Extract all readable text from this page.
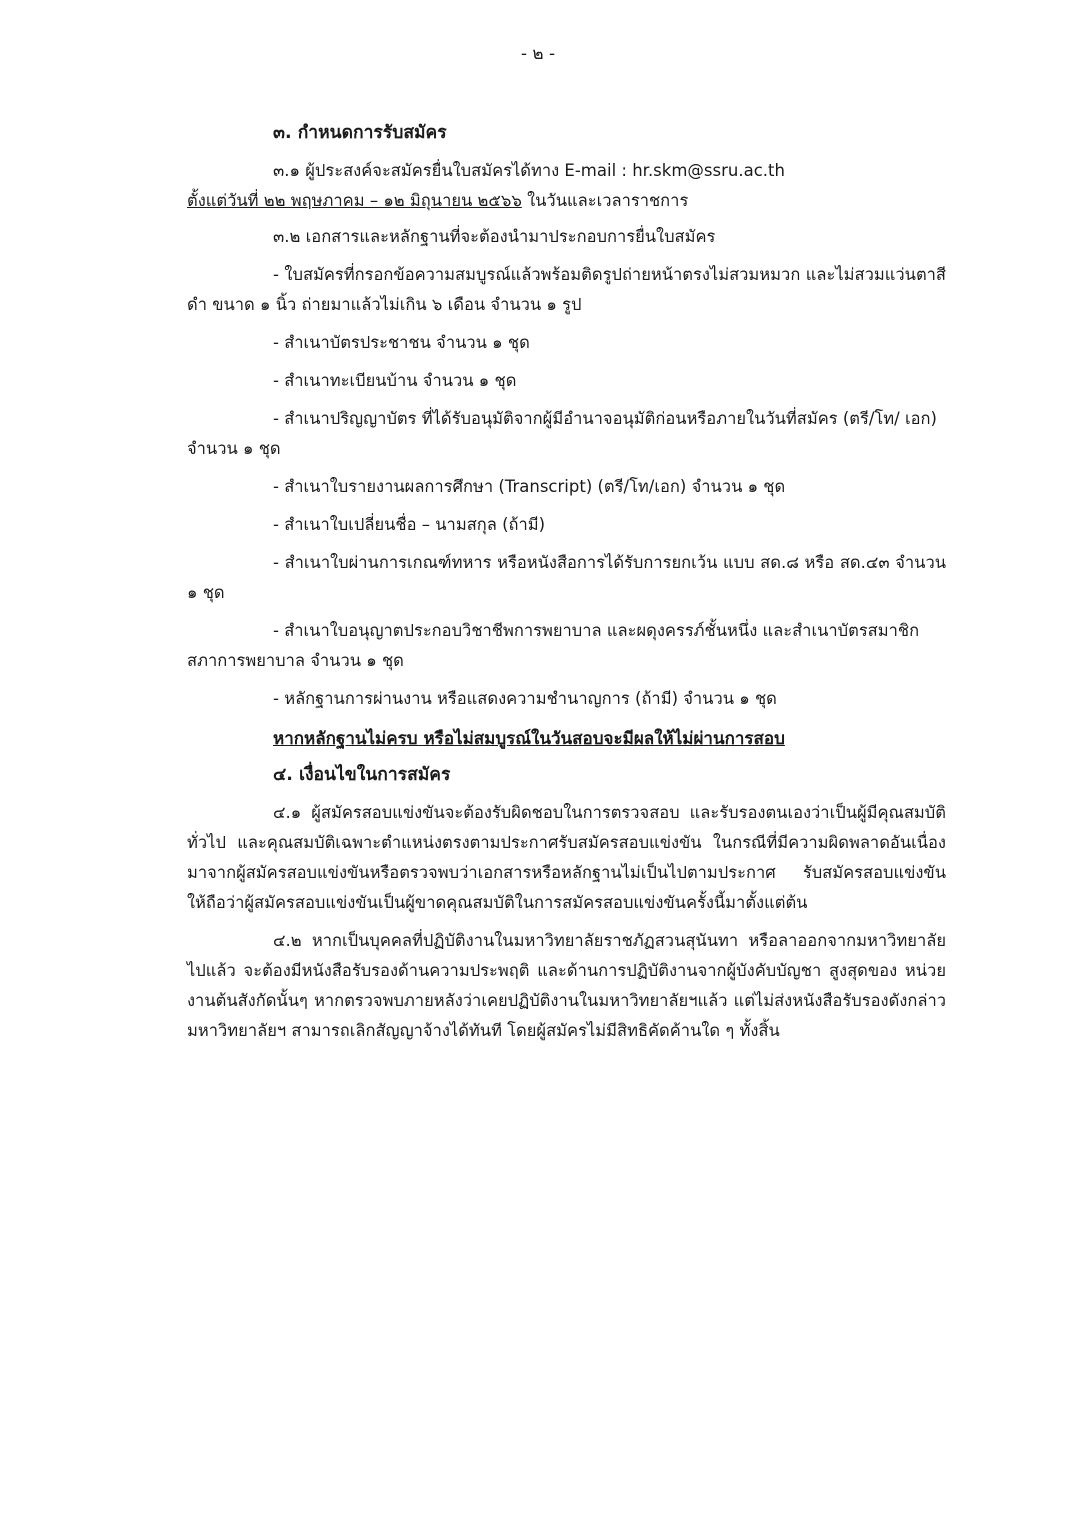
- ๒ -

๓. กำหนดการรับสมัคร

๓.๑ ผู้ประสงค์จะสมัครยื่นใบสมัครได้ทาง E-mail : hr.skm@ssru.ac.th

ตั้งแต่วันที่ ๒๒ พฤษภาคม – ๑๒ มิถุนายน ๒๕๖๖ ในวันและเวลาราชการ

๓.๒ เอกสารและหลักฐานที่จะต้องนำมาประกอบการยื่นใบสมัคร

- ใบสมัครที่กรอกข้อความสมบูรณ์แล้วพร้อมติดรูปถ่ายหน้าตรงไม่สวมหมวก และไม่สวมแว่นตาสีดำ ขนาด ๑ นิ้ว ถ่ายมาแล้วไม่เกิน ๖ เดือน จำนวน ๑ รูป

- สำเนาบัตรประชาชน จำนวน ๑ ชุด

- สำเนาทะเบียนบ้าน จำนวน ๑ ชุด

- สำเนาปริญญาบัตร ที่ได้รับอนุมัติจากผู้มีอำนาจอนุมัติก่อนหรือภายในวันที่สมัคร (ตรี/โท/ เอก) จำนวน ๑ ชุด

- สำเนาใบรายงานผลการศึกษา (Transcript) (ตรี/โท/เอก) จำนวน ๑ ชุด

- สำเนาใบเปลี่ยนชื่อ – นามสกุล (ถ้ามี)

- สำเนาใบผ่านการเกณฑ์ทหาร หรือหนังสือการได้รับการยกเว้น แบบ สด.๘ หรือ สด.๔๓ จำนวน ๑ ชุด

- สำเนาใบอนุญาตประกอบวิชาชีพการพยาบาล และผดุงครรภ์ชั้นหนึ่ง และสำเนาบัตรสมาชิก สภาการพยาบาล จำนวน ๑ ชุด

- หลักฐานการผ่านงาน หรือแสดงความชำนาญการ (ถ้ามี) จำนวน ๑ ชุด

หากหลักฐานไม่ครบ หรือไม่สมบูรณ์ในวันสอบจะมีผลให้ไม่ผ่านการสอบ

๔. เงื่อนไขในการสมัคร

๔.๑ ผู้สมัครสอบแข่งขันจะต้องรับผิดชอบในการตรวจสอบ และรับรองตนเองว่าเป็นผู้มีคุณสมบัติทั่วไป และคุณสมบัติเฉพาะตำแหน่งตรงตามประกาศรับสมัครสอบแข่งขัน ในกรณีที่มีความผิดพลาดอันเนื่องมาจากผู้สมัครสอบแข่งขันหรือตรวจพบว่าเอกสารหรือหลักฐานไม่เป็นไปตามประกาศ รับสมัครสอบแข่งขัน ให้ถือว่าผู้สมัครสอบแข่งขันเป็นผู้ขาดคุณสมบัติในการสมัครสอบแข่งขันครั้งนี้มาตั้งแต่ต้น

๔.๒ หากเป็นบุคคลที่ปฏิบัติงานในมหาวิทยาลัยราชภัฏสวนสุนันทา หรือลาออกจากมหาวิทยาลัยไปแล้ว จะต้องมีหนังสือรับรองด้านความประพฤติ และด้านการปฏิบัติงานจากผู้บังคับบัญชา สูงสุดของ หน่วยงานต้นสังกัดนั้นๆ หากตรวจพบภายหลังว่าเคยปฏิบัติงานในมหาวิทยาลัยฯแล้ว แต่ไม่ส่งหนังสือรับรองดังกล่าว มหาวิทยาลัยฯ สามารถเลิกสัญญาจ้างได้ทันที โดยผู้สมัครไม่มีสิทธิคัดค้านใด ๆ ทั้งสิ้น
